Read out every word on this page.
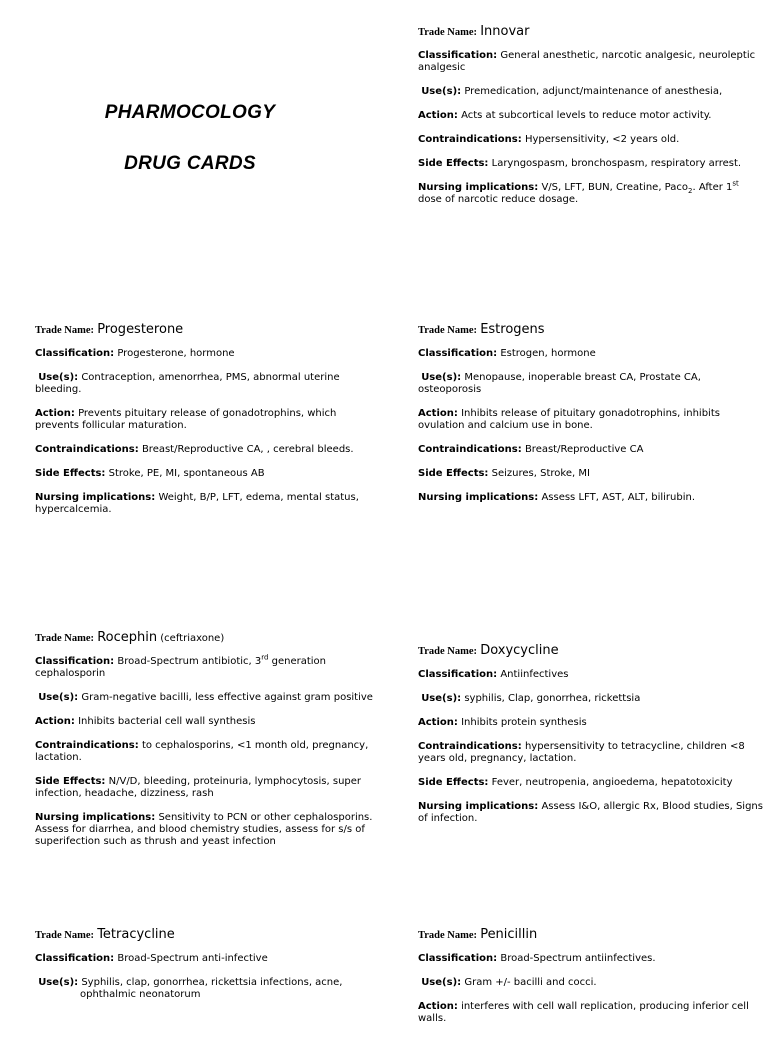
PHARMOCOLOGY

DRUG CARDS

Trade Name: Innovar

Classification: General anesthetic, narcotic analgesic, neuroleptic analgesic

Use(s): Premedication, adjunct/maintenance of anesthesia,

Action: Acts at subcortical levels to reduce motor activity.

Contraindications: Hypersensitivity, <2 years old.

Side Effects: Laryngospasm, bronchospasm, respiratory arrest.

Nursing implications: V/S, LFT, BUN, Creatine, Paco$_2$. After 1st dose of narcotic reduce dosage.

Trade Name: Progesterone

Classification: Progesterone, hormone

Use(s): Contraception, amenorrhea, PMS, abnormal uterine bleeding.

Action: Prevents pituitary release of gonadotrophins, which prevents follicular maturation.

Contraindications: Breast/Reproductive CA, , cerebral bleeds.

Side Effects: Stroke, PE, MI, spontaneous AB

Nursing implications: Weight, B/P, LFT, edema, mental status, hypercalcemia.

Trade Name: Estrogens

Classification: Estrogen, hormone

Use(s): Menopause, inoperable breast CA, Prostate CA, osteoporosis

Action: Inhibits release of pituitary gonadotrophins, inhibits ovulation and calcium use in bone.

Contraindications: Breast/Reproductive CA

Side Effects: Seizures, Stroke, MI

Nursing implications: Assess LFT, AST, ALT, bilirubin.

Trade Name: Rocephin (ceftriaxone)

Classification: Broad-Spectrum antibiotic, 3rd generation cephalosporin

Use(s): Gram-negative bacilli, less effective against gram positive

Action: Inhibits bacterial cell wall synthesis

Contraindications: to cephalosporins, <1 month old, pregnancy, lactation.

Side Effects: N/V/D, bleeding, proteinuria, lymphocytosis, super infection, headache, dizziness, rash

Nursing implications: Sensitivity to PCN or other cephalosporins. Assess for diarrhea, and blood chemistry studies, assess for s/s of superifection such as thrush and yeast infection

Trade Name: Doxycycline

Classification: Antiinfectives

Use(s): syphilis, Clap, gonorrhea, rickettsia

Action: Inhibits protein synthesis

Contraindications: hypersensitivity to tetracycline, children <8 years old, pregnancy, lactation.

Side Effects: Fever, neutropenia, angioedema, hepatotoxicity

Nursing implications: Assess I&O, allergic Rx, Blood studies, Signs of infection.

Trade Name: Tetracycline

Classification: Broad-Spectrum anti-infective

Use(s): Syphilis, clap, gonorrhea, rickettsia infections, acne,
ophthalmic neonatorum

Trade Name: Penicillin

Classification: Broad-Spectrum antiinfectives.

Use(s): Gram +/- bacilli and cocci.

Action: interferes with cell wall replication, producing inferior cell walls.
